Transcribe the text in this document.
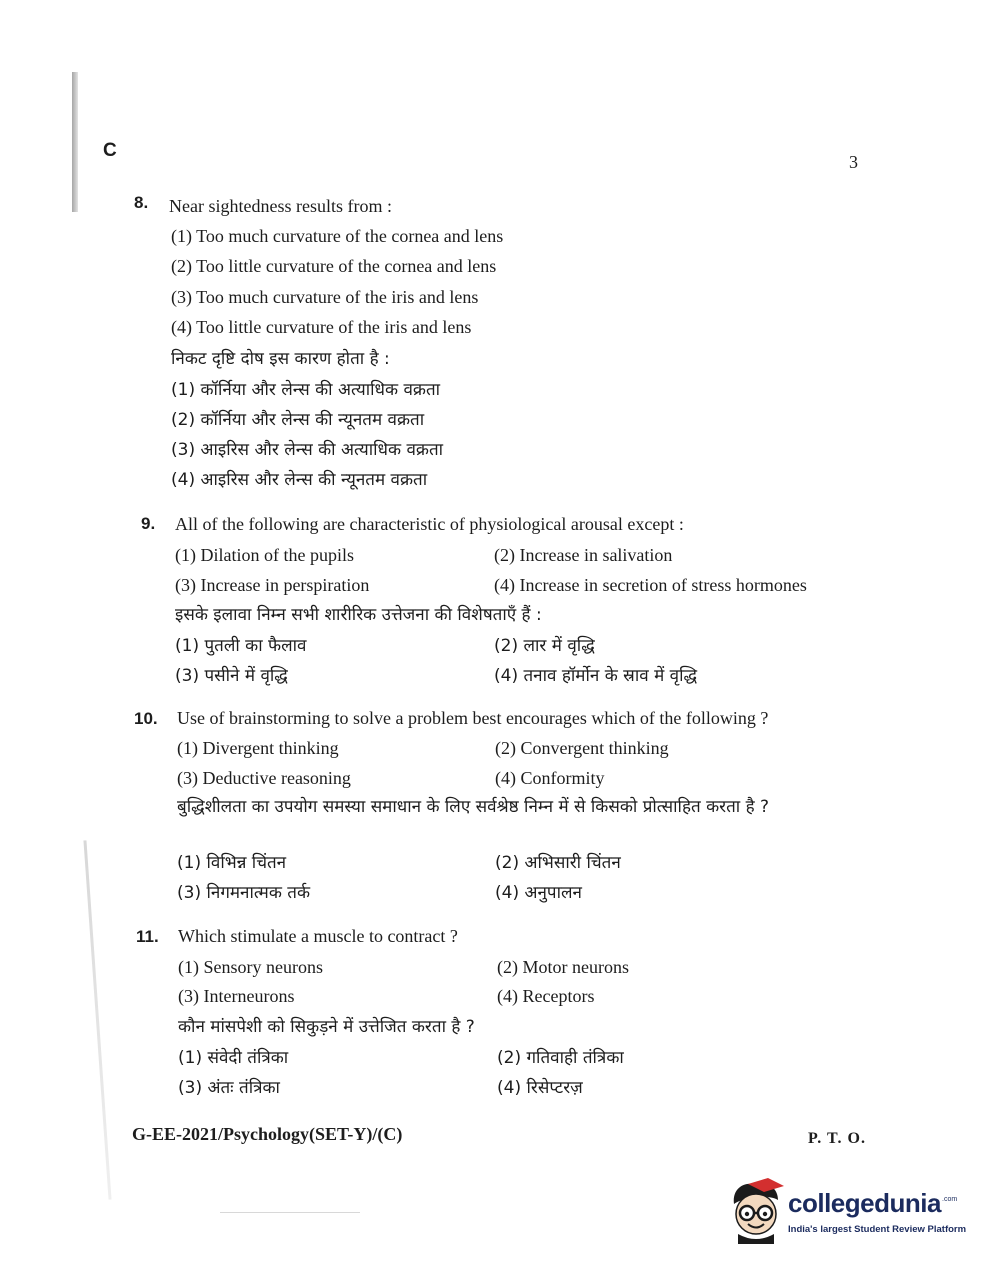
C
3
8. Near sightedness results from :
(1) Too much curvature of the cornea and lens
(2) Too little curvature of the cornea and lens
(3) Too much curvature of the iris and lens
(4) Too little curvature of the iris and lens
निकट दृष्टि दोष इस कारण होता है :
(1) कॉर्निया और लेन्स की अत्याधिक वक्रता
(2) कॉर्निया और लेन्स की न्यूनतम वक्रता
(3) आइरिस और लेन्स की अत्याधिक वक्रता
(4) आइरिस और लेन्स की न्यूनतम वक्रता
9. All of the following are characteristic of physiological arousal except :
(1) Dilation of the pupils	(2) Increase in salivation
(3) Increase in perspiration	(4) Increase in secretion of stress hormones
इसके इलावा निम्न सभी शारीरिक उत्तेजना की विशेषताएँ हैं :
(1) पुतली का फैलाव	(2) लार में वृद्धि
(3) पसीने में वृद्धि	(4) तनाव हॉर्मोन के स्राव में वृद्धि
10. Use of brainstorming to solve a problem best encourages which of the following ?
(1) Divergent thinking	(2) Convergent thinking
(3) Deductive reasoning	(4) Conformity
बुद्धिशीलता का उपयोग समस्या समाधान के लिए सर्वश्रेष्ठ निम्न में से किसको प्रोत्साहित करता है ?
(1) विभिन्न चिंतन	(2) अभिसारी चिंतन
(3) निगमनात्मक तर्क	(4) अनुपालन
11. Which stimulate a muscle to contract ?
(1) Sensory neurons	(2) Motor neurons
(3) Interneurons	(4) Receptors
कौन मांसपेशी को सिकुड़ने में उत्तेजित करता है ?
(1) संवेदी तंत्रिका	(2) गतिवाही तंत्रिका
(3) अंतः तंत्रिका	(4) रिसेप्टरज़
G-EE-2021/Psychology(SET-Y)/(C)	P. T. O.
collegedunia .com
India's largest Student Review Platform
